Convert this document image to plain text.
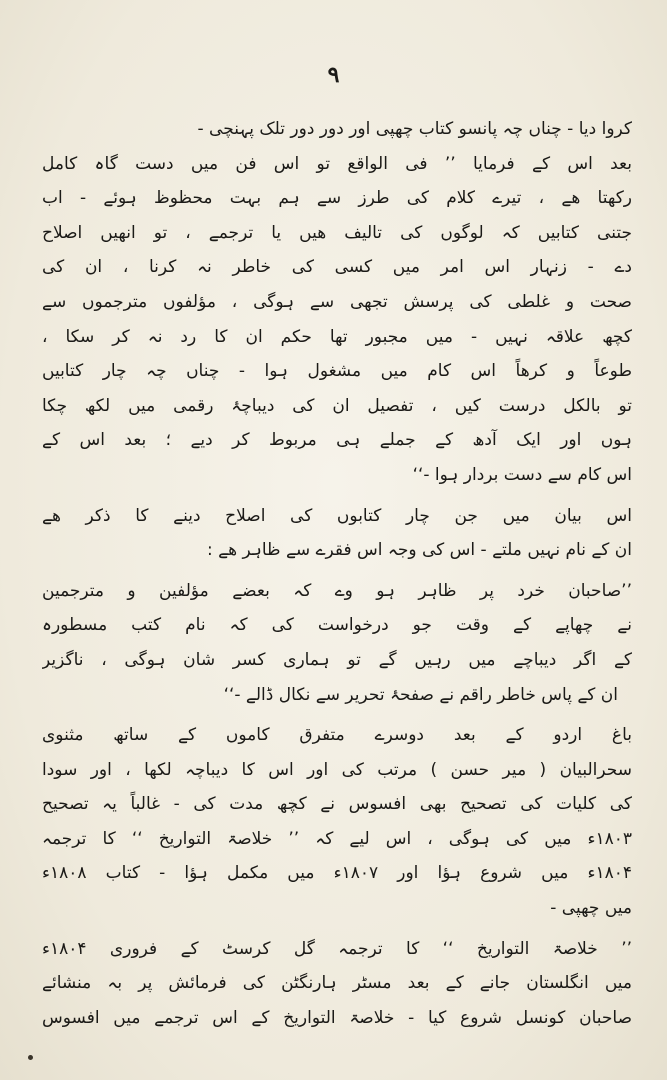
۹
کروا دیا - چناں چہ پانسو کتاب چھپی اور دور دور تلک پہنچی -
بعد اس کے فرمایا ’’ فی الواقع تو اس فن میں دست گاہ کامل
رکھتا ھے ، تیرے کلام کی طرز سے ہم بہت محظوظ ہوئے - اب
جتنی کتابیں کہ لوگوں کی تالیف ھیں یا ترجمے ، تو انھیں اصلاح
دے - زنہار اس امر میں کسی کی خاطر نہ کرنا ، ان کی
صحت و غلطی کی پرسش تجھی سے ہوگی ، مؤلفوں مترجموں سے
کچھ علاقہ نہیں - میں مجبور تھا حکم ان کا رد نہ کر سکا ،
طوعاً و کرھاً اس کام میں مشغول ہوا - چناں چہ چار کتابیں
تو بالکل درست کیں ، تفصیل ان کی دیباچۂ رقمی میں لکھ چکا
ہوں اور ایک آدھ کے جملے ہی مربوط کر دیے ؛ بعد اس کے
اس کام سے دست بردار ہوا -‘‘
اس بیان میں جن چار کتابوں کی اصلاح دینے کا ذکر ھے
ان کے نام نہیں ملتے - اس کی وجہ اس فقرے سے ظاہر ھے :
’’صاحبان خرد پر ظاہر ہو وے کہ بعضے مؤلفین و مترجمین
نے چھاپے کے وقت جو درخواست کی کہ نام کتب مسطورہ
کے اگر دیباچے میں رہیں گے تو ہماری کسر شان ہوگی ، ناگزیر
ان کے پاس خاطر راقم نے صفحۂ تحریر سے نکال ڈالے -‘‘
باغ اردو کے بعد دوسرے متفرق کاموں کے ساتھ مثنوی
سحرالبیان ( میر حسن ) مرتب کی اور اس کا دیباچہ لکھا ، اور سودا
کی کلیات کی تصحیح بھی افسوس نے کچھ مدت کی - غالباً یہ تصحیح
۱۸۰۳ء میں کی ہوگی ، اس لیے کہ ’’ خلاصۃ التواریخ ‘‘ کا ترجمہ
۱۸۰۴ء میں شروع ہؤا اور ۱۸۰۷ء میں مکمل ہؤا - کتاب ۱۸۰۸ء
میں چھپی -
’’ خلاصۃ التواریخ ‘‘ کا ترجمہ گل کرسٹ کے فروری ۱۸۰۴ء
میں انگلستان جانے کے بعد مسٹر ہارنگٹن کی فرمائش پر بہ منشائے
صاحبان کونسل شروع کیا - خلاصۃ التواریخ کے اس ترجمے میں افسوس
